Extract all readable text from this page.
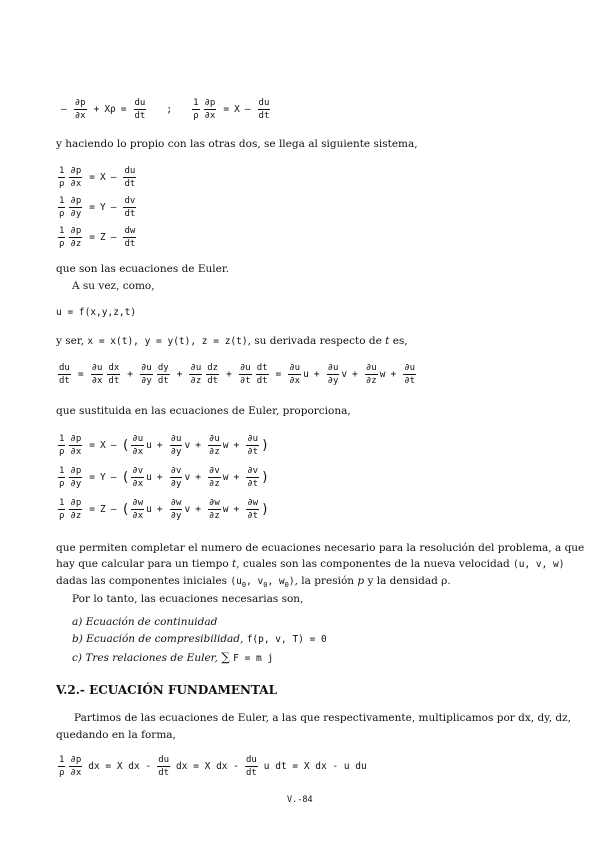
– $\frac{\partial p}{\partial x} + X\rho = \frac{du}{dt}$ ; $\frac{1}{\rho} \frac{\partial p}{\partial x} = X - \frac{du}{dt}$
y haciendo lo propio con las otras dos, se llega al siguiente sistema,
$\frac{1}{\rho} \frac{\partial p}{\partial x} = X - \frac{du}{dt}$
$\frac{1}{\rho} \frac{\partial p}{\partial y} = Y - \frac{dv}{dt}$
$\frac{1}{\rho} \frac{\partial p}{\partial z} = Z - \frac{dw}{dt}$
que son las ecuaciones de Euler.
A su vez, como,
u = f(x,y,z,t)
y ser, x = x(t), y = y(t), z = z(t), su derivada respecto de t es,
$\frac{du}{dt} = \frac{\partial u}{\partial x} \frac{dx}{dt} + \frac{\partial u}{\partial y} \frac{dy}{dt} + \frac{\partial u}{\partial z} \frac{dz}{dt} + \frac{\partial u}{\partial t} \frac{dt}{dt} = \frac{\partial u}{\partial x}$ $u + \frac{\partial u}{\partial y}$ $v + \frac{\partial u}{\partial z}$ $w + \frac{\partial u}{\partial t}$
que sustituida en las ecuaciones de Euler, proporciona,
$\frac{1}{\rho} \frac{\partial p}{\partial x} = X$ – ( $\frac{\partial u}{\partial x}$ $u + \frac{\partial u}{\partial y}$ $v + \frac{\partial u}{\partial z}$ $w + \frac{\partial u}{\partial t}$ )
$\frac{1}{\rho} \frac{\partial p}{\partial y} = Y$ – ( $\frac{\partial v}{\partial x}$ $u + \frac{\partial v}{\partial y}$ $v + \frac{\partial v}{\partial z}$ $w + \frac{\partial v}{\partial t}$ )
$\frac{1}{\rho} \frac{\partial p}{\partial z} = Z$ – ( $\frac{\partial w}{\partial x}$ $u + \frac{\partial w}{\partial y}$ $v + \frac{\partial w}{\partial z}$ $w + \frac{\partial w}{\partial t}$ )
que permiten completar el numero de ecuaciones necesario para la resolución del problema, a que
hay que calcular para un tiempo t, cuales son las componentes de la nueva velocidad (u, v, w)
dadas las componentes iniciales ($u_0$, $v_0$, $w_0$), la presión p y la densidad ρ.
Por lo tanto, las ecuaciones necesarias son,
a) Ecuación de continuidad
b) Ecuación de compresibilidad, f(p, v, T) = 0
c) Tres relaciones de Euler, ∑ F = m j
V.2.- ECUACIÓN FUNDAMENTAL
Partimos de las ecuaciones de Euler, a las que respectivamente, multiplicamos por dx, dy, dz,
quedando en la forma,
$\frac{1}{\rho} \frac{\partial p}{\partial x}$ dx = X dx - $\frac{du}{dt}$ dx = X dx - $\frac{du}{dt}$ u dt = X dx - u du
V.-84
